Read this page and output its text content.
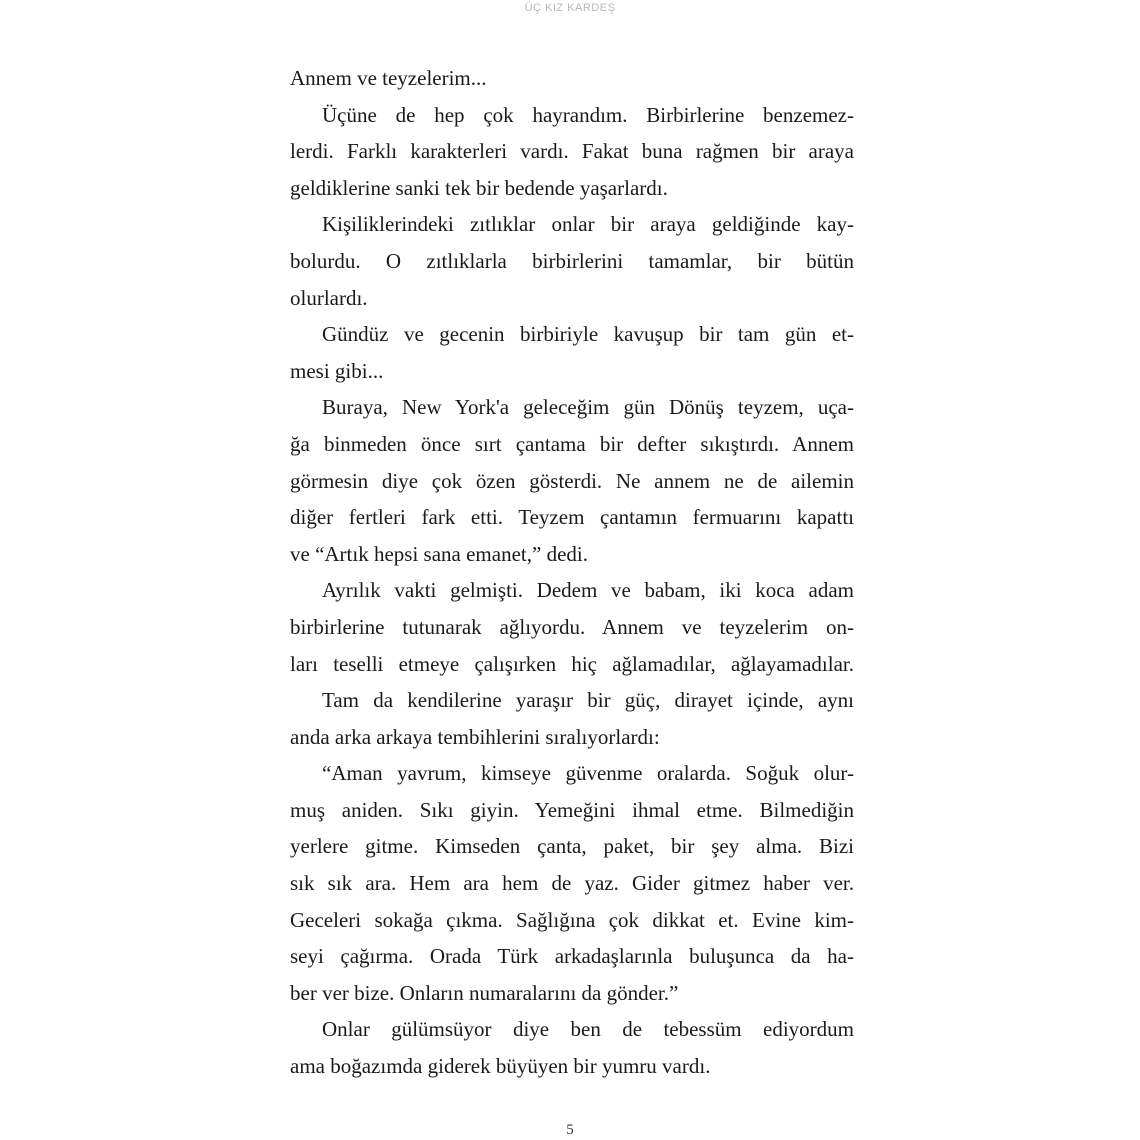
ÜÇ KIZ KARDEŞ
Annem ve teyzelerim...
Üçüne de hep çok hayrandım. Birbirlerine benzemez-
lerdi. Farklı karakterleri vardı. Fakat buna rağmen bir araya
geldiklerine sanki tek bir bedende yaşarlardı.
Kişiliklerindeki zıtlıklar onlar bir araya geldiğinde kay-
bolurdu. O zıtlıklarla birbirlerini tamamlar, bir bütün
olurlardı.
Gündüz ve gecenin birbiriyle kavuşup bir tam gün et-
mesi gibi...
Buraya, New York'a geleceğim gün Dönüş teyzem, uça-
ğa binmeden önce sırt çantama bir defter sıkıştırdı. Annem
görmesin diye çok özen gösterdi. Ne annem ne de ailemin
diğer fertleri fark etti. Teyzem çantamın fermuarını kapattı
ve “Artık hepsi sana emanet,” dedi.
Ayrılık vakti gelmişti. Dedem ve babam, iki koca adam
birbirlerine tutunarak ağlıyordu. Annem ve teyzelerim on-
ları teselli etmeye çalışırken hiç ağlamadılar, ağlayamadılar.
Tam da kendilerine yaraşır bir güç, dirayet içinde, aynı
anda arka arkaya tembihlerini sıralıyorlardı:
“Aman yavrum, kimseye güvenme oralarda. Soğuk olur-
muş aniden. Sıkı giyin. Yemeğini ihmal etme. Bilmediğin
yerlere gitme. Kimseden çanta, paket, bir şey alma. Bizi
sık sık ara. Hem ara hem de yaz. Gider gitmez haber ver.
Geceleri sokağa çıkma. Sağlığına çok dikkat et. Evine kim-
seyi çağırma. Orada Türk arkadaşlarınla buluşunca da ha-
ber ver bize. Onların numaralarını da gönder.”
Onlar gülümsüyor diye ben de tebessüm ediyordum
ama boğazımda giderek büyüyen bir yumru vardı.
5
